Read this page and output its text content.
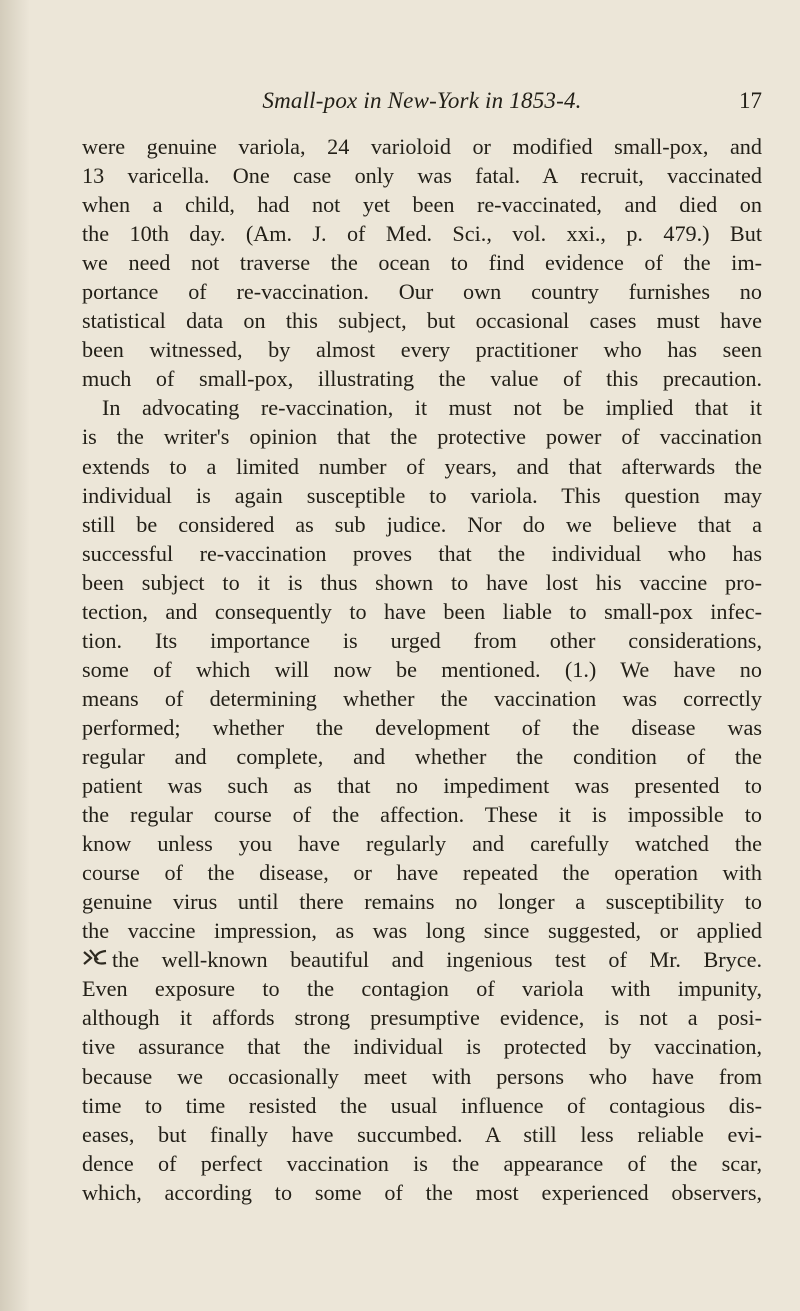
Small-pox in New-York in 1853-4.	17
were genuine variola, 24 varioloid or modified small-pox, and
13 varicella. One case only was fatal. A recruit, vaccinated
when a child, had not yet been re-vaccinated, and died on
the 10th day. (Am. J. of Med. Sci., vol. xxi., p. 479.) But
we need not traverse the ocean to find evidence of the im-
portance of re-vaccination. Our own country furnishes no
statistical data on this subject, but occasional cases must have
been witnessed, by almost every practitioner who has seen
much of small-pox, illustrating the value of this precaution.
In advocating re-vaccination, it must not be implied that it
is the writer's opinion that the protective power of vaccination
extends to a limited number of years, and that afterwards the
individual is again susceptible to variola. This question may
still be considered as sub judice. Nor do we believe that a
successful re-vaccination proves that the individual who has
been subject to it is thus shown to have lost his vaccine pro-
tection, and consequently to have been liable to small-pox infec-
tion. Its importance is urged from other considerations,
some of which will now be mentioned. (1.) We have no
means of determining whether the vaccination was correctly
performed; whether the development of the disease was
regular and complete, and whether the condition of the
patient was such as that no impediment was presented to
the regular course of the affection. These it is impossible to
know unless you have regularly and carefully watched the
course of the disease, or have repeated the operation with
genuine virus until there remains no longer a susceptibility to
the vaccine impression, as was long since suggested, or applied
the well-known beautiful and ingenious test of Mr. Bryce.
Even exposure to the contagion of variola with impunity,
although it affords strong presumptive evidence, is not a posi-
tive assurance that the individual is protected by vaccination,
because we occasionally meet with persons who have from
time to time resisted the usual influence of contagious dis-
eases, but finally have succumbed. A still less reliable evi-
dence of perfect vaccination is the appearance of the scar,
which, according to some of the most experienced observers,
